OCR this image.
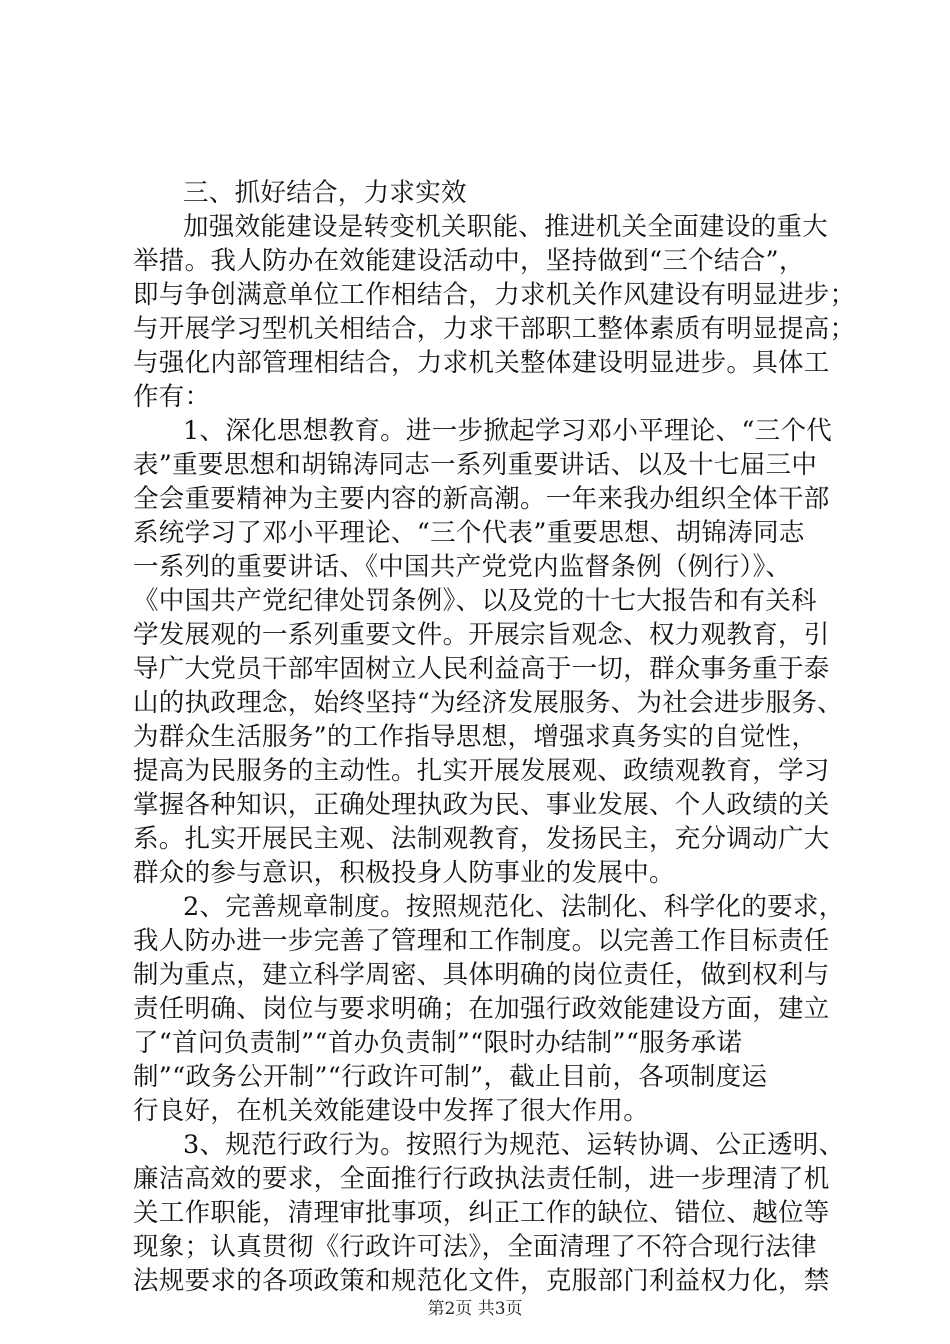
三、抓好结合，力求实效
加强效能建设是转变机关职能、推进机关全面建设的重大
举措。我人防办在效能建设活动中，坚持做到“三个结合”，
即与争创满意单位工作相结合，力求机关作风建设有明显进步；
与开展学习型机关相结合，力求干部职工整体素质有明显提高；
与强化内部管理相结合，力求机关整体建设明显进步。具体工
作有：
1、深化思想教育。进一步掀起学习邓小平理论、“三个代
表”重要思想和胡锦涛同志一系列重要讲话、以及十七届三中
全会重要精神为主要内容的新高潮。一年来我办组织全体干部
系统学习了邓小平理论、“三个代表”重要思想、胡锦涛同志
一系列的重要讲话、《中国共产党党内监督条例（例行）》、
《中国共产党纪律处罚条例》、以及党的十七大报告和有关科
学发展观的一系列重要文件。开展宗旨观念、权力观教育，引
导广大党员干部牢固树立人民利益高于一切，群众事务重于泰
山的执政理念，始终坚持“为经济发展服务、为社会进步服务、
为群众生活服务”的工作指导思想，增强求真务实的自觉性，
提高为民服务的主动性。扎实开展发展观、政绩观教育，学习
掌握各种知识，正确处理执政为民、事业发展、个人政绩的关
系。扎实开展民主观、法制观教育，发扬民主，充分调动广大
群众的参与意识，积极投身人防事业的发展中。
2、完善规章制度。按照规范化、法制化、科学化的要求，
我人防办进一步完善了管理和工作制度。以完善工作目标责任
制为重点，建立科学周密、具体明确的岗位责任，做到权利与
责任明确、岗位与要求明确；在加强行政效能建设方面，建立
了“首问负责制”“首办负责制”“限时办结制”“服务承诺
制”“政务公开制”“行政许可制”，截止目前，各项制度运
行良好，在机关效能建设中发挥了很大作用。
3、规范行政行为。按照行为规范、运转协调、公正透明、
廉洁高效的要求，全面推行行政执法责任制，进一步理清了机
关工作职能，清理审批事项，纠正工作的缺位、错位、越位等
现象；认真贯彻《行政许可法》，全面清理了不符合现行法律
法规要求的各项政策和规范化文件，克服部门利益权力化，禁
第2页 共3页
